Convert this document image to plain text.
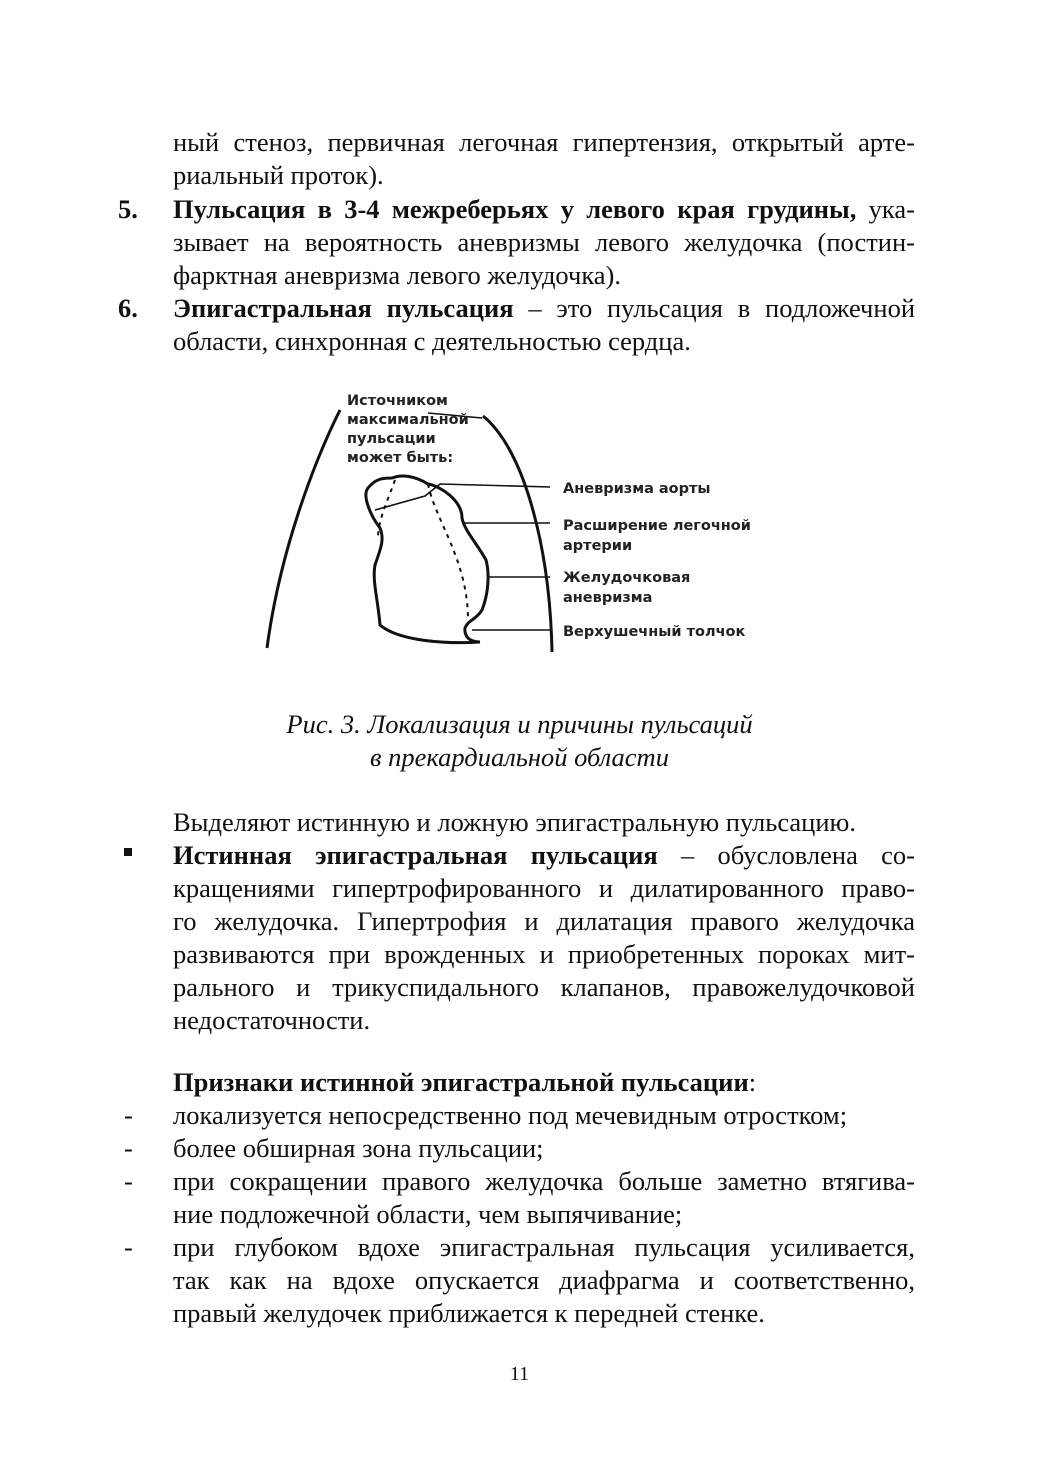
ный стеноз, первичная легочная гипертензия, открытый арте-
риальный проток).
5. Пульсация в 3-4 межреберьях у левого края грудины, ука-
зывает на вероятность аневризмы левого желудочка (постин-
фарктная аневризма левого желудочка).
6. Эпигастральная пульсация – это пульсация в подложечной
области, синхронная с деятельностью сердца.
Источником
максимальной
пульсации
может быть:
Аневризма аорты
Расширение легочной
артерии
Желудочковая
аневризма
Верхушечный толчок
Рис. 3. Локализация и причины пульсаций
в прекардиальной области
Выделяют истинную и ложную эпигастральную пульсацию.
Истинная эпигастральная пульсация – обусловлена со-
кращениями гипертрофированного и дилатированного право-
го желудочка. Гипертрофия и дилатация правого желудочка
развиваются при врожденных и приобретенных пороках мит-
рального и трикуспидального клапанов, правожелудочковой
недостаточности.
Признаки истинной эпигастральной пульсации:
- локализуется непосредственно под мечевидным отростком;
- более обширная зона пульсации;
- при сокращении правого желудочка больше заметно втягива-
ние подложечной области, чем выпячивание;
- при глубоком вдохе эпигастральная пульсация усиливается,
так как на вдохе опускается диафрагма и соответственно,
правый желудочек приближается к передней стенке.
11
